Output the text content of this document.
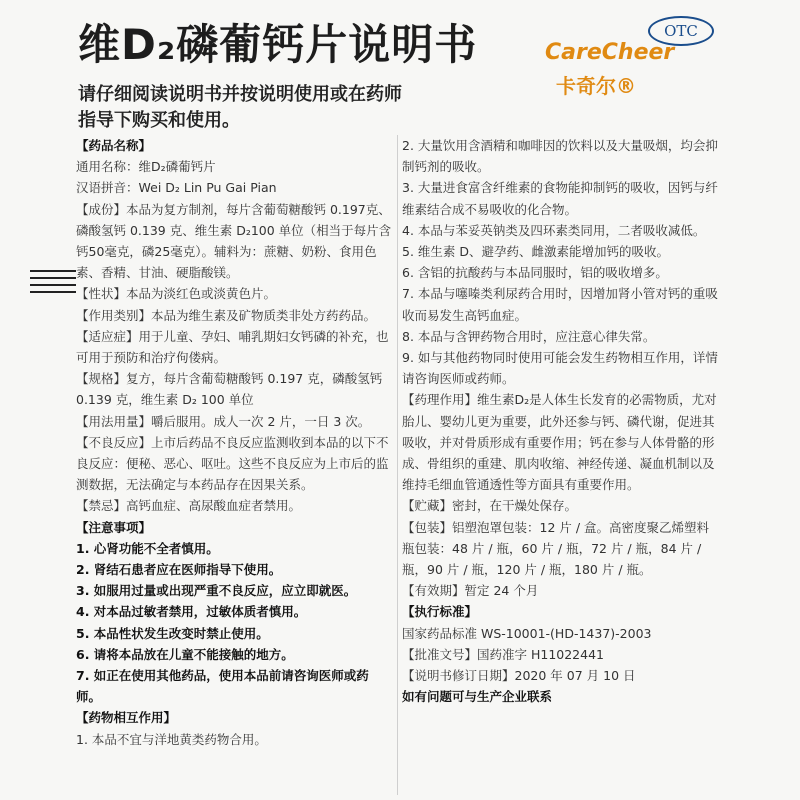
维D₂磷葡钙片说明书	OTC
CareCheer
卡奇尔®
请仔细阅读说明书并按说明使用或在药师指导下购买和使用。

【药品名称】

通用名称：维D₂磷葡钙片

汉语拼音：Wei D₂ Lin Pu Gai Pian

【成份】本品为复方制剂，每片含葡萄糖酸钙 0.197克、磷酸氢钙 0.139 克、维生素 D₂100 单位（相当于每片含钙50毫克，磷25毫克）。辅料为：蔗糖、奶粉、食用色素、香精、甘油、硬脂酸镁。

【性状】本品为淡红色或淡黄色片。

【作用类别】本品为维生素及矿物质类非处方药药品。

【适应症】用于儿童、孕妇、哺乳期妇女钙磷的补充，也可用于预防和治疗佝偻病。

【规格】复方，每片含葡萄糖酸钙 0.197 克，磷酸氢钙 0.139 克，维生素 D₂ 100 单位

【用法用量】嚼后服用。成人一次 2 片，一日 3 次。

【不良反应】上市后药品不良反应监测收到本品的以下不良反应：便秘、恶心、呕吐。这些不良反应为上市后的监测数据，无法确定与本药品存在因果关系。

【禁忌】高钙血症、高尿酸血症者禁用。

【注意事项】

1. 心肾功能不全者慎用。

2. 肾结石患者应在医师指导下使用。

3. 如服用过量或出现严重不良反应，应立即就医。

4. 对本品过敏者禁用，过敏体质者慎用。

5. 本品性状发生改变时禁止使用。

6. 请将本品放在儿童不能接触的地方。

7. 如正在使用其他药品，使用本品前请咨询医师或药师。

【药物相互作用】

1. 本品不宜与洋地黄类药物合用。

2. 大量饮用含酒精和咖啡因的饮料以及大量吸烟，均会抑制钙剂的吸收。

3. 大量进食富含纤维素的食物能抑制钙的吸收，因钙与纤维素结合成不易吸收的化合物。

4. 本品与苯妥英钠类及四环素类同用，二者吸收减低。

5. 维生素 D、避孕药、雌激素能增加钙的吸收。

6. 含铝的抗酸药与本品同服时，铝的吸收增多。

7. 本品与噻嗪类利尿药合用时，因增加肾小管对钙的重吸收而易发生高钙血症。

8. 本品与含钾药物合用时，应注意心律失常。

9. 如与其他药物同时使用可能会发生药物相互作用，详情请咨询医师或药师。

【药理作用】维生素D₂是人体生长发育的必需物质，尤对胎儿、婴幼儿更为重要，此外还参与钙、磷代谢，促进其吸收，并对骨质形成有重要作用；钙在参与人体骨骼的形成、骨组织的重建、肌肉收缩、神经传递、凝血机制以及维持毛细血管通透性等方面具有重要作用。

【贮藏】密封，在干燥处保存。

【包装】铝塑泡罩包装：12 片 / 盒。高密度聚乙烯塑料瓶包装：48 片 / 瓶，60 片 / 瓶，72 片 / 瓶，84 片 / 瓶，90 片 / 瓶，120 片 / 瓶，180 片 / 瓶。

【有效期】暂定 24 个月

【执行标准】

国家药品标准 WS-10001-(HD-1437)-2003

【批准文号】国药准字 H11022441

【说明书修订日期】2020 年 07 月 10 日

如有问题可与生产企业联系
